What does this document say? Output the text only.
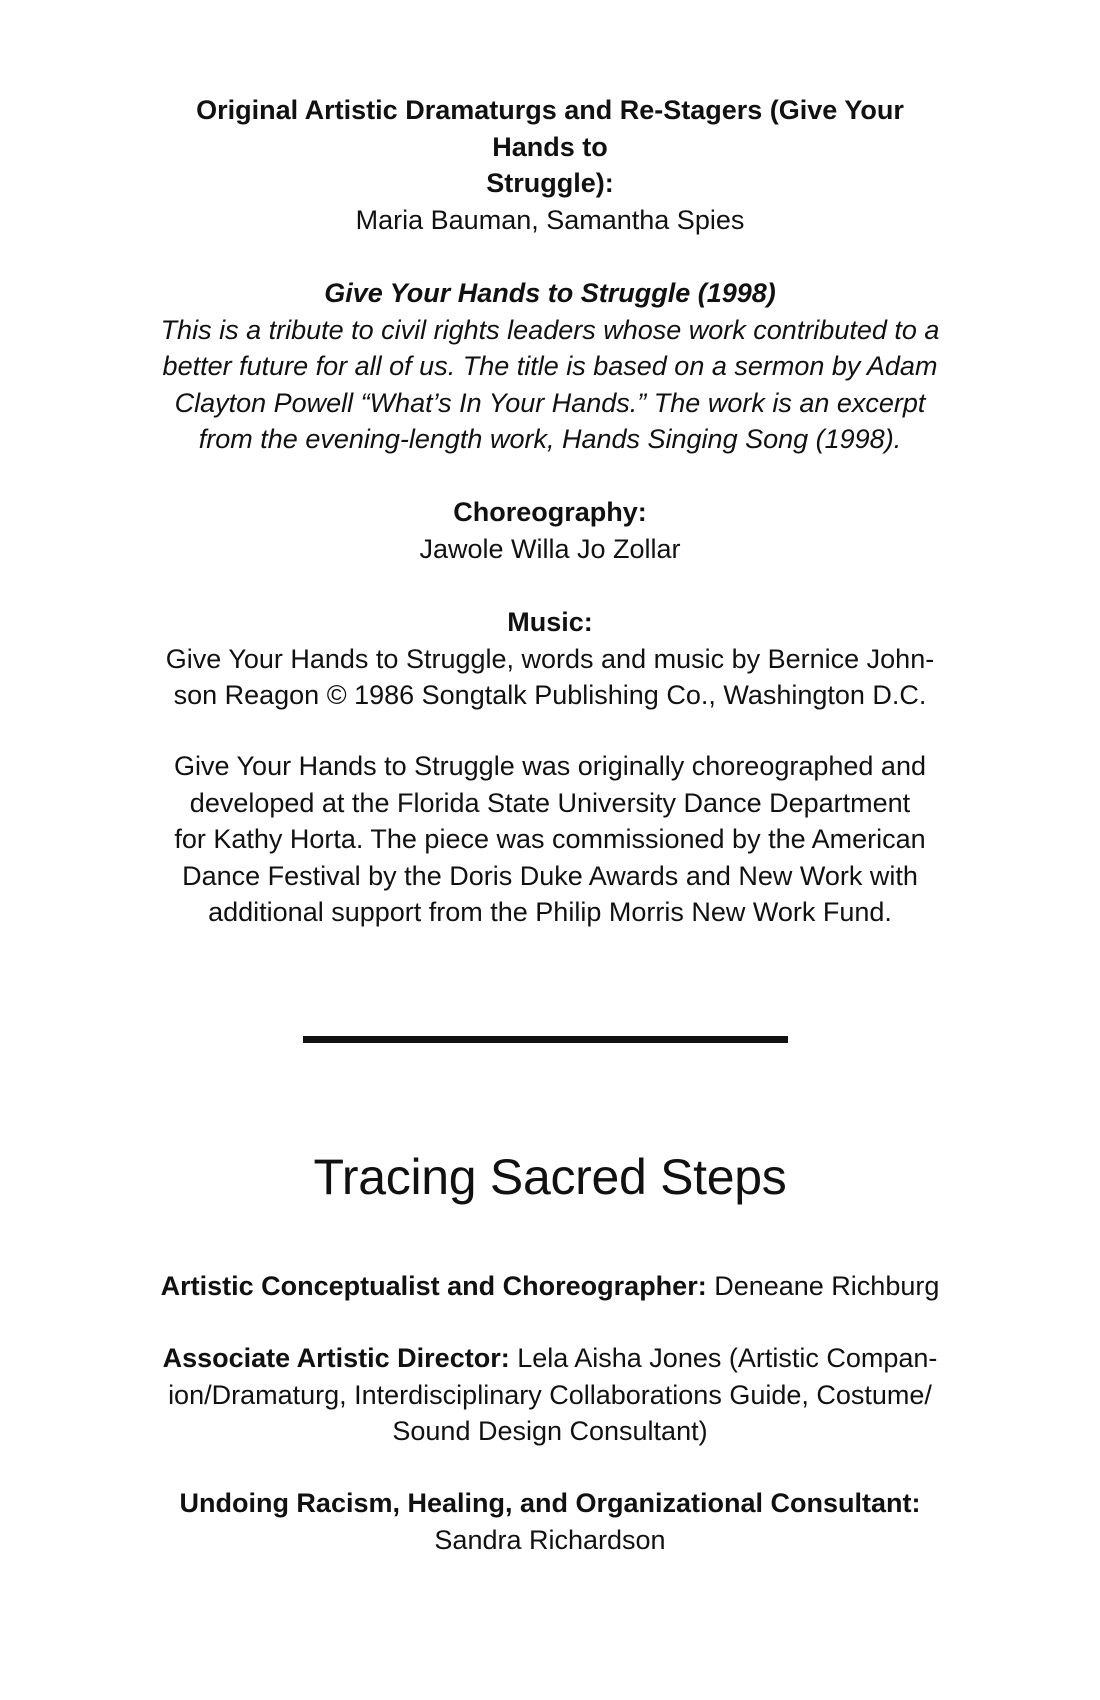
Original Artistic Dramaturgs and Re-Stagers (Give Your
Hands to
Struggle):
Maria Bauman, Samantha Spies
Give Your Hands to Struggle (1998)
This is a tribute to civil rights leaders whose work contributed to a
better future for all of us. The title is based on a sermon by Adam
Clayton Powell “What’s In Your Hands.” The work is an excerpt
from the evening-length work, Hands Singing Song (1998).
Choreography:
Jawole Willa Jo Zollar
Music:
Give Your Hands to Struggle, words and music by Bernice John-
son Reagon © 1986 Songtalk Publishing Co., Washington D.C.
Give Your Hands to Struggle was originally choreographed and
developed at the Florida State University Dance Department
for Kathy Horta. The piece was commissioned by the American
Dance Festival by the Doris Duke Awards and New Work with
additional support from the Philip Morris New Work Fund.
Tracing Sacred Steps
Artistic Conceptualist and Choreographer: Deneane Richburg
Associate Artistic Director: Lela Aisha Jones (Artistic Compan-
ion/Dramaturg, Interdisciplinary Collaborations Guide, Costume/
Sound Design Consultant)
Undoing Racism, Healing, and Organizational Consultant:
Sandra Richardson
